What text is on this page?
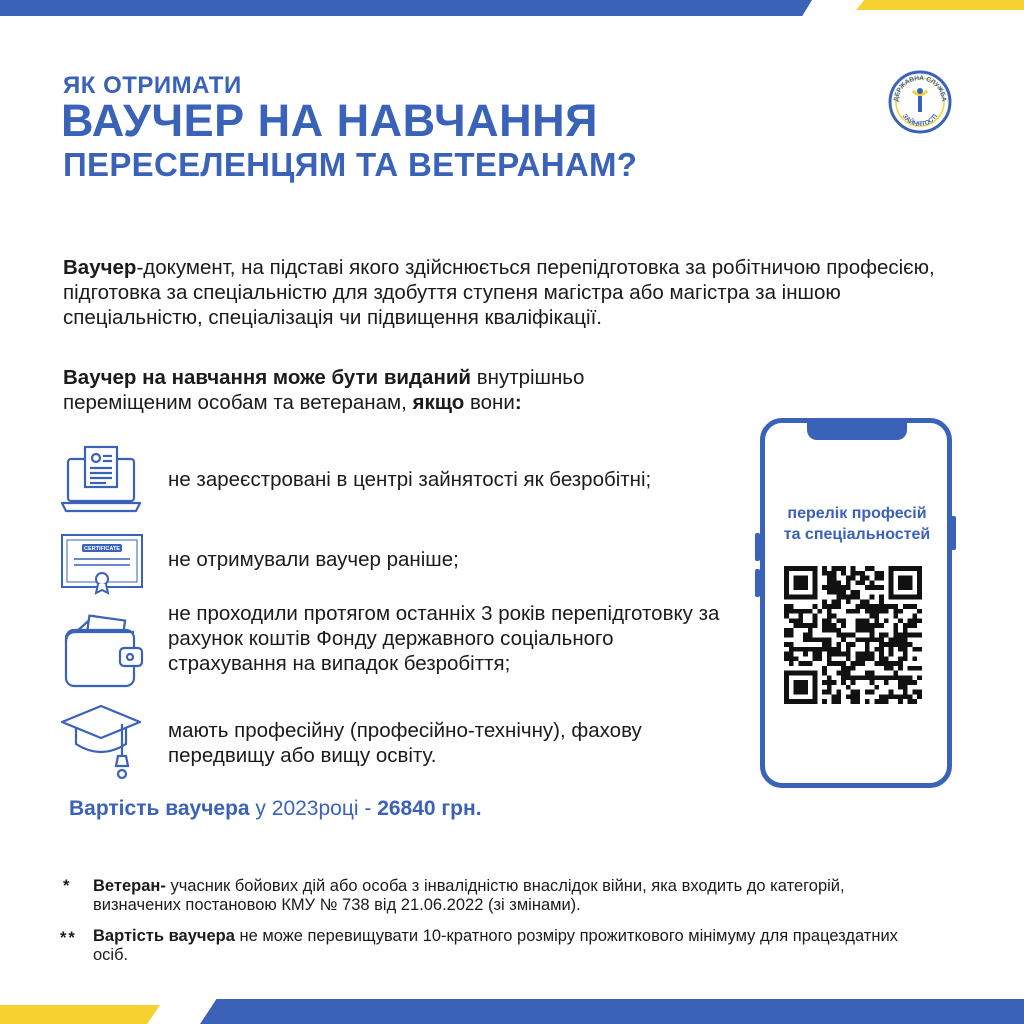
ЯК ОТРИМАТИ
ВАУЧЕР НА НАВЧАННЯ
ПЕРЕСЕЛЕНЦЯМ ТА ВЕТЕРАНАМ?
ДЕРЖАВНА СЛУЖБА
ЗАЙНЯТОСТІ
Ваучер-документ, на підставі якого здійснюється перепідготовка за робітничою професією, підготовка за спеціальністю для здобуття ступеня магістра або магістра за іншою спеціальністю, спеціалізація чи підвищення кваліфікації.
Ваучер на навчання може бути виданий внутрішньо переміщеним особам та ветеранам, якщо вони:
CERTIFICATE
не зареєстровані в центрі зайнятості як безробітні;
не отримували ваучер раніше;
не проходили протягом останніх 3 років перепідготовку за рахунок коштів Фонду державного соціального страхування на випадок безробіття;
мають професійну (професійно-технічну), фахову передвищу або вищу освіту.
Вартість ваучера у 2023році - 26840 грн.
перелік професій
та спеціальностей
* Ветеран- учасник бойових дій або особа з інвалідністю внаслідок війни, яка входить до категорій, визначених постановою КМУ № 738 від 21.06.2022 (зі змінами).
** Вартість ваучера не може перевищувати 10-кратного розміру прожиткового мінімуму для працездатних осіб.
